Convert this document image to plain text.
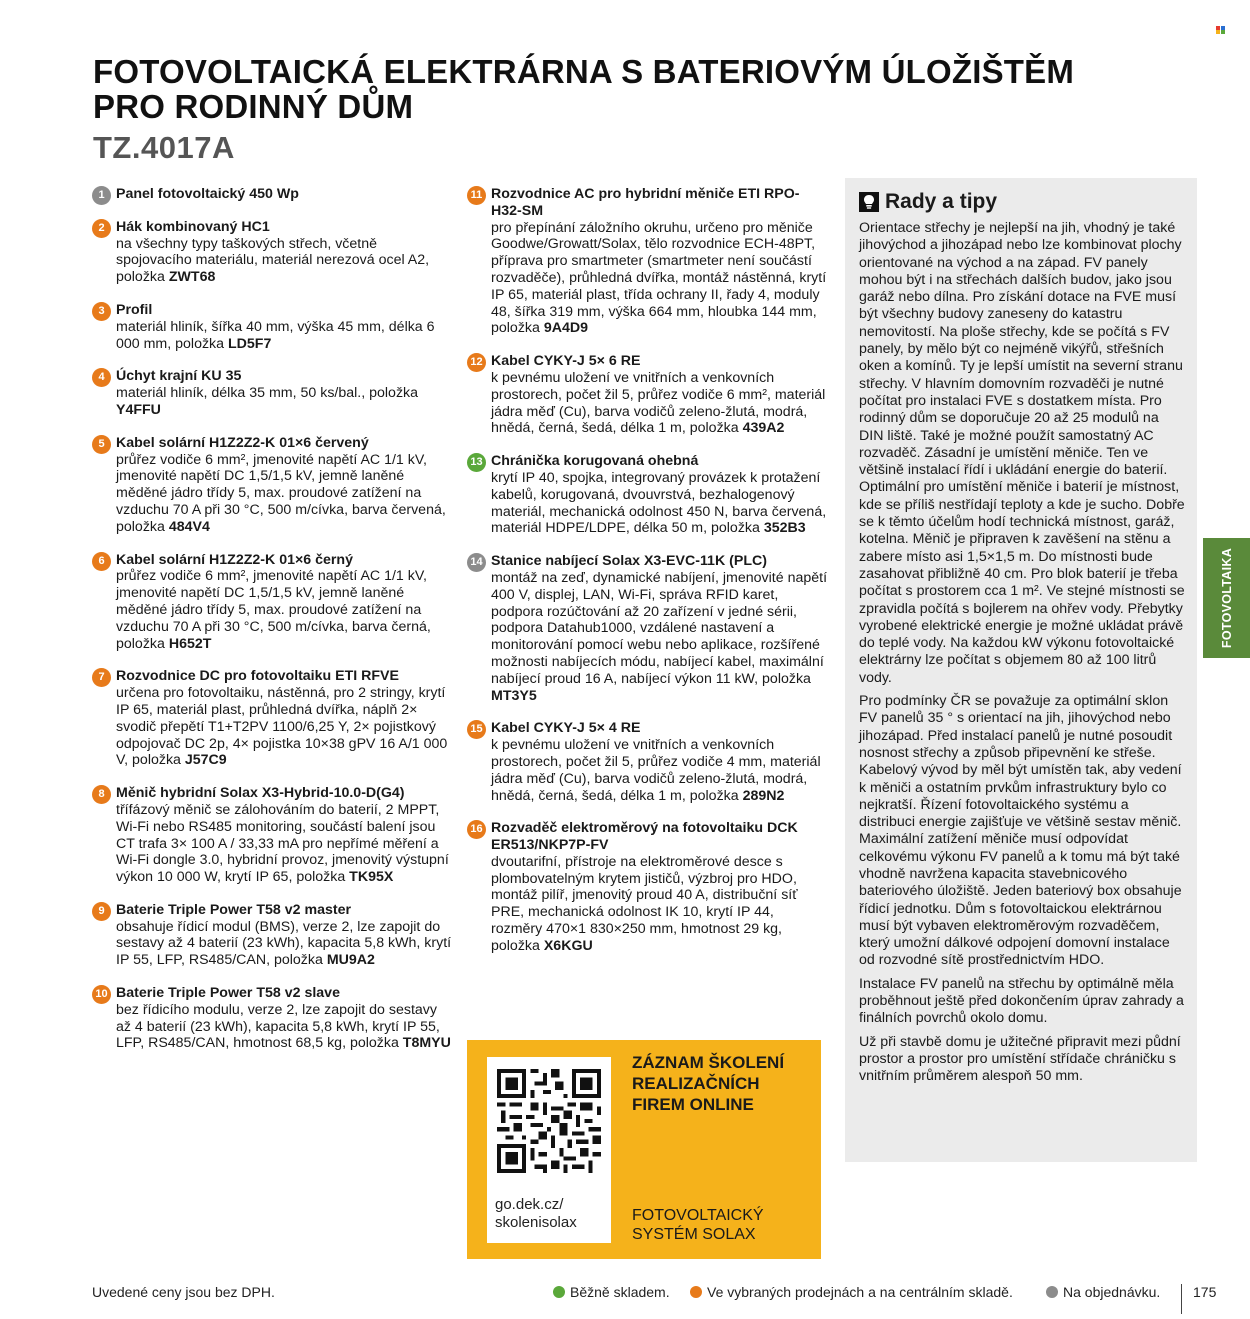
FOTOVOLTAICKÁ ELEKTRÁRNA S BATERIOVÝM ÚLOŽIŠTĚM
PRO RODINNÝ DŮM
TZ.4017A
1 Panel fotovoltaický 450 Wp
2 Hák kombinovaný HC1
na všechny typy taškových střech, včetně spojovacího materiálu, materiál nerezová ocel A2, položka ZWT68
3 Profil
materiál hliník, šířka 40 mm, výška 45 mm, délka 6 000 mm, položka LD5F7
4 Úchyt krajní KU 35
materiál hliník, délka 35 mm, 50 ks/bal., položka Y4FFU
5 Kabel solární H1Z2Z2-K 01×6 červený
průřez vodiče 6 mm², jmenovité napětí AC 1/1 kV, jmenovité napětí DC 1,5/1,5 kV, jemně laněné měděné jádro třídy 5, max. proudové zatížení na vzduchu 70 A při 30 °C, 500 m/cívka, barva červená, položka 484V4
6 Kabel solární H1Z2Z2-K 01×6 černý
průřez vodiče 6 mm², jmenovité napětí AC 1/1 kV, jmenovité napětí DC 1,5/1,5 kV, jemně laněné měděné jádro třídy 5, max. proudové zatížení na vzduchu 70 A při 30 °C, 500 m/cívka, barva černá, položka H652T
7 Rozvodnice DC pro fotovoltaiku ETI RFVE
určena pro fotovoltaiku, nástěnná, pro 2 stringy, krytí IP 65, materiál plast, průhledná dvířka, náplň 2× svodič přepětí T1+T2PV 1100/6,25 Y, 2× pojistkový odpojovač DC 2p, 4× pojistka 10×38 gPV 16 A/1 000 V, položka J57C9
8 Měnič hybridní Solax X3-Hybrid-10.0-D(G4)
třífázový měnič se zálohováním do baterií, 2 MPPT, Wi-Fi nebo RS485 monitoring, součástí balení jsou CT trafa 3× 100 A / 33,33 mA pro nepřímé měření a Wi-Fi dongle 3.0, hybridní provoz, jmenovitý výstupní výkon 10 000 W, krytí IP 65, položka TK95X
9 Baterie Triple Power T58 v2 master
obsahuje řídicí modul (BMS), verze 2, lze zapojit do sestavy až 4 baterií (23 kWh), kapacita 5,8 kWh, krytí IP 55, LFP, RS485/CAN, položka MU9A2
10 Baterie Triple Power T58 v2 slave
bez řídicího modulu, verze 2, lze zapojit do sestavy až 4 baterií (23 kWh), kapacita 5,8 kWh, krytí IP 55, LFP, RS485/CAN, hmotnost 68,5 kg, položka T8MYU
11 Rozvodnice AC pro hybridní měniče ETI RPO-H32-SM
pro přepínání záložního okruhu, určeno pro měniče Goodwe/Growatt/Solax, tělo rozvodnice ECH-48PT, příprava pro smartmeter (smartmeter není součástí rozvaděče), průhledná dvířka, montáž nástěnná, krytí IP 65, materiál plast, třída ochrany II, řady 4, moduly 48, šířka 319 mm, výška 664 mm, hloubka 144 mm, položka 9A4D9
12 Kabel CYKY-J 5× 6 RE
k pevnému uložení ve vnitřních a venkovních prostorech, počet žil 5, průřez vodiče 6 mm², materiál jádra měď (Cu), barva vodičů zeleno-žlutá, modrá, hnědá, černá, šedá, délka 1 m, položka 439A2
13 Chránička korugovaná ohebná
krytí IP 40, spojka, integrovaný provázek k protažení kabelů, korugovaná, dvouvrstvá, bezhalogenový materiál, mechanická odolnost 450 N, barva červená, materiál HDPE/LDPE, délka 50 m, položka 352B3
14 Stanice nabíjecí Solax X3-EVC-11K (PLC)
montáž na zeď, dynamické nabíjení, jmenovité napětí 400 V, displej, LAN, Wi-Fi, správa RFID karet, podpora rozúčtování až 20 zařízení v jedné sérii, podpora Datahub1000, vzdálené nastavení a monitorování pomocí webu nebo aplikace, rozšířené možnosti nabíjecích módu, nabíjecí kabel, maximální nabíjecí proud 16 A, nabíjecí výkon 11 kW, položka MT3Y5
15 Kabel CYKY-J 5× 4 RE
k pevnému uložení ve vnitřních a venkovních prostorech, počet žil 5, průřez vodiče 4 mm, materiál jádra měď (Cu), barva vodičů zeleno-žlutá, modrá, hnědá, černá, šedá, délka 1 m, položka 289N2
16 Rozvaděč elektroměrový na fotovoltaiku DCK ER513/NKP7P-FV
dvoutarifní, přístroje na elektroměrové desce s plombovatelným krytem jističů, výzbroj pro HDO, montáž pilíř, jmenovitý proud 40 A, distribuční síť PRE, mechanická odolnost IK 10, krytí IP 44, rozměry 470×1 830×250 mm, hmotnost 29 kg, položka X6KGU
go.dek.cz/ skolenisolax
ZÁZNAM ŠKOLENÍ REALIZAČNÍCH FIREM ONLINE
FOTOVOLTAICKÝ SYSTÉM SOLAX
Rady a tipy

Orientace střechy je nejlepší na jih, vhodný je také jihovýchod a jihozápad nebo lze kombinovat plochy orientované na východ a na západ. FV panely mohou být i na střechách dalších budov, jako jsou garáž nebo dílna. Pro získání dotace na FVE musí být všechny budovy zaneseny do katastru nemovitostí. Na ploše střechy, kde se počítá s FV panely, by mělo být co nejméně vikýřů, střešních oken a komínů. Ty je lepší umístit na severní stranu střechy. V hlavním domovním rozvaděči je nutné počítat pro instalaci FVE s dostatkem místa. Pro rodinný dům se doporučuje 20 až 25 modulů na DIN liště. Také je možné použít samostatný AC rozvaděč. Zásadní je umístění měniče. Ten ve většině instalací řídí i ukládání energie do baterií. Optimální pro umístění měniče i baterií je místnost, kde se příliš nestřídají teploty a kde je sucho. Dobře se k těmto účelům hodí technická místnost, garáž, kotelna. Měnič je připraven k zavěšení na stěnu a zabere místo asi 1,5×1,5 m. Do místnosti bude zasahovat přibližně 40 cm. Pro blok baterií je třeba počítat s prostorem cca 1 m². Ve stejné místnosti se zpravidla počítá s bojlerem na ohřev vody. Přebytky vyrobené elektrické energie je možné ukládat právě do teplé vody. Na každou kW výkonu fotovoltaické elektrárny lze počítat s objemem 80 až 100 litrů vody.

Pro podmínky ČR se považuje za optimální sklon FV panelů 35 ° s orientací na jih, jihovýchod nebo jihozápad. Před instalací panelů je nutné posoudit nosnost střechy a způsob připevnění ke střeše. Kabelový vývod by měl být umístěn tak, aby vedení k měniči a ostatním prvkům infrastruktury bylo co nejkratší. Řízení fotovoltaického systému a distribuci energie zajišťuje ve většině sestav měnič. Maximální zatížení měniče musí odpovídat celkovému výkonu FV panelů a k tomu má být také vhodně navržena kapacita stavebnicového bateriového úložiště. Jeden bateriový box obsahuje řídicí jednotku. Dům s fotovoltaickou elektrárnou musí být vybaven elektroměrovým rozvaděčem, který umožní dálkové odpojení domovní instalace od rozvodné sítě prostřednictvím HDO.

Instalace FV panelů na střechu by optimálně měla proběhnout ještě před dokončením úprav zahrady a finálních povrchů okolo domu.

Už při stavbě domu je užitečné připravit mezi půdní prostor a prostor pro umístění střídače chráničku s vnitřním průměrem alespoň 50 mm.

FOTOVOLTAIKA
Uvedené ceny jsou bez DPH.	Běžně skladem.	Ve vybraných prodejnách a na centrálním skladě.	Na objednávku. 175
